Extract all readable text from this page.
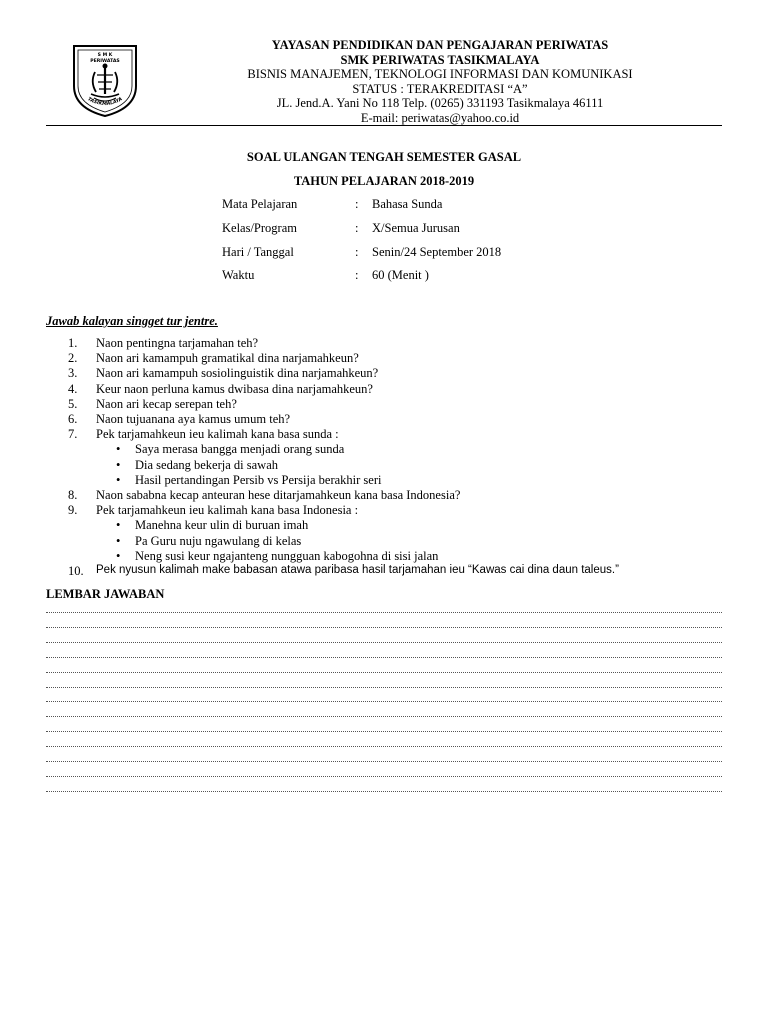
S M K
PERIWATAS
TASIKMALAYA
YAYASAN PENDIDIKAN DAN PENGAJARAN PERIWATAS
SMK PERIWATAS TASIKMALAYA
BISNIS MANAJEMEN, TEKNOLOGI INFORMASI DAN KOMUNIKASI
STATUS : TERAKREDITASI “A”
JL. Jend.A. Yani No 118 Telp. (0265) 331193 Tasikmalaya 46111
E-mail: periwatas@yahoo.co.id
SOAL ULANGAN TENGAH SEMESTER GASAL
TAHUN PELAJARAN 2018-2019
Mata Pelajaran	: Bahasa Sunda
Kelas/Program	: X/Semua Jurusan
Hari / Tanggal	: Senin/24 September 2018
Waktu	: 60 (Menit )
Jawab kalayan singget tur jentre.
1.	Naon pentingna tarjamahan teh?
2.	Naon ari kamampuh gramatikal dina narjamahkeun?
3.	Naon ari kamampuh sosiolinguistik dina narjamahkeun?
4.	Keur naon perluna kamus dwibasa dina narjamahkeun?
5.	Naon ari kecap serepan teh?
6.	Naon tujuanana aya kamus umum teh?
7.	Pek tarjamahkeun ieu kalimah kana basa sunda :
• Saya merasa bangga menjadi orang sunda
• Dia sedang bekerja di sawah
• Hasil pertandingan Persib vs Persija berakhir seri
8.	Naon sababna kecap anteuran hese ditarjamahkeun kana basa Indonesia?
9.	Pek tarjamahkeun ieu kalimah kana basa Indonesia :
• Manehna keur ulin di buruan imah
• Pa Guru nuju ngawulang di kelas
• Neng susi keur ngajanteng nungguan kabogohna di sisi jalan
10.	Pek nyusun kalimah make babasan atawa paribasa hasil tarjamahan ieu “Kawas cai dina daun taleus.”
LEMBAR JAWABAN
